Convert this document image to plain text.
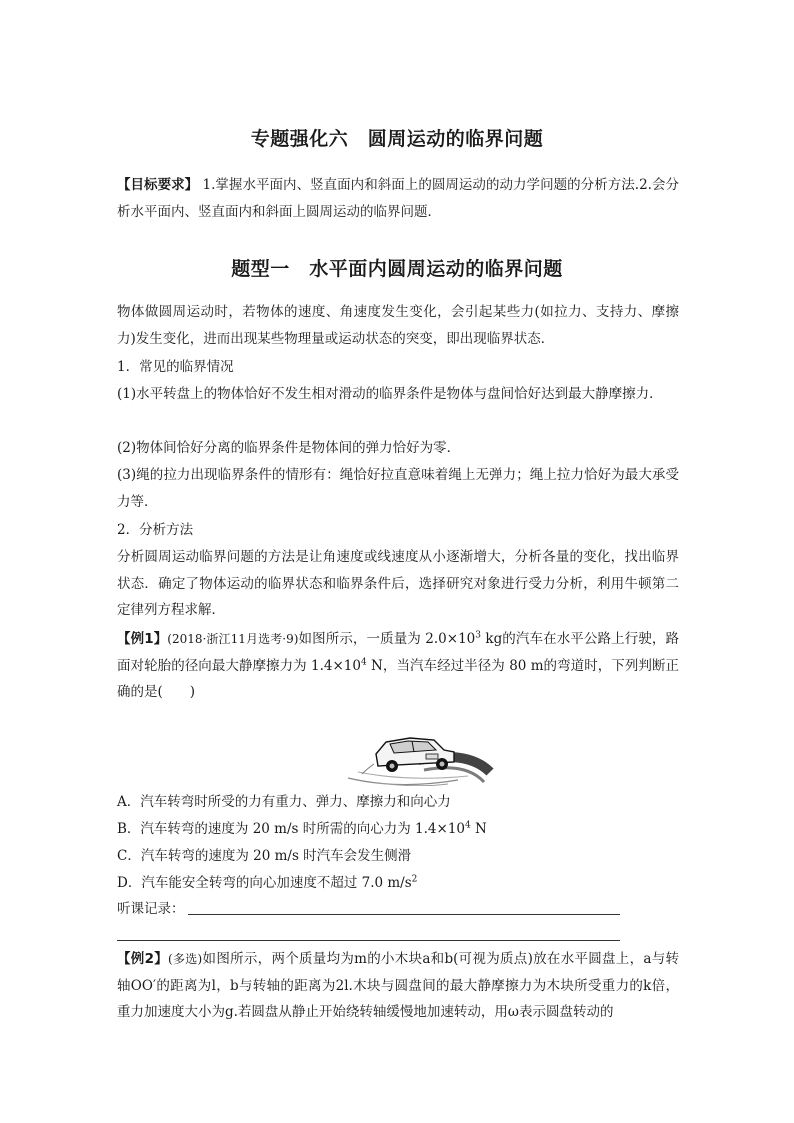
专题强化六　圆周运动的临界问题

【目标要求】 1.掌握水平面内、竖直面内和斜面上的圆周运动的动力学问题的分析方法.2.会分析水平面内、竖直面内和斜面上圆周运动的临界问题．

题型一　水平面内圆周运动的临界问题

物体做圆周运动时，若物体的速度、角速度发生变化，会引起某些力(如拉力、支持力、摩擦力)发生变化，进而出现某些物理量或运动状态的突变，即出现临界状态．

1．常见的临界情况

(1)水平转盘上的物体恰好不发生相对滑动的临界条件是物体与盘间恰好达到最大静摩擦力．

(2)物体间恰好分离的临界条件是物体间的弹力恰好为零．

(3)绳的拉力出现临界条件的情形有：绳恰好拉直意味着绳上无弹力；绳上拉力恰好为最大承受力等．

2．分析方法

分析圆周运动临界问题的方法是让角速度或线速度从小逐渐增大，分析各量的变化，找出临界状态．确定了物体运动的临界状态和临界条件后，选择研究对象进行受力分析，利用牛顿第二定律列方程求解．

【例1】(2018·浙江11月选考·9)如图所示，一质量为 $2.0\times 10^3$ kg的汽车在水平公路上行驶，路面对轮胎的径向最大静摩擦力为 $1.4\times 10^4$ N，当汽车经过半径为 80 m的弯道时，下列判断正确的是(　　)

A．汽车转弯时所受的力有重力、弹力、摩擦力和向心力

B．汽车转弯的速度为 20 m/s 时所需的向心力为 $1.4\times 10^4$ N

C．汽车转弯的速度为 20 m/s 时汽车会发生侧滑

D．汽车能安全转弯的向心加速度不超过 7.0 $m/s^2$

听课记录：

【例2】(多选)如图所示，两个质量均为m的小木块a和b(可视为质点)放在水平圆盘上，a与转轴OO′的距离为l，b与转轴的距离为2l.木块与圆盘间的最大静摩擦力为木块所受重力的k倍，重力加速度大小为g.若圆盘从静止开始绕转轴缓慢地加速转动，用ω表示圆盘转动的
